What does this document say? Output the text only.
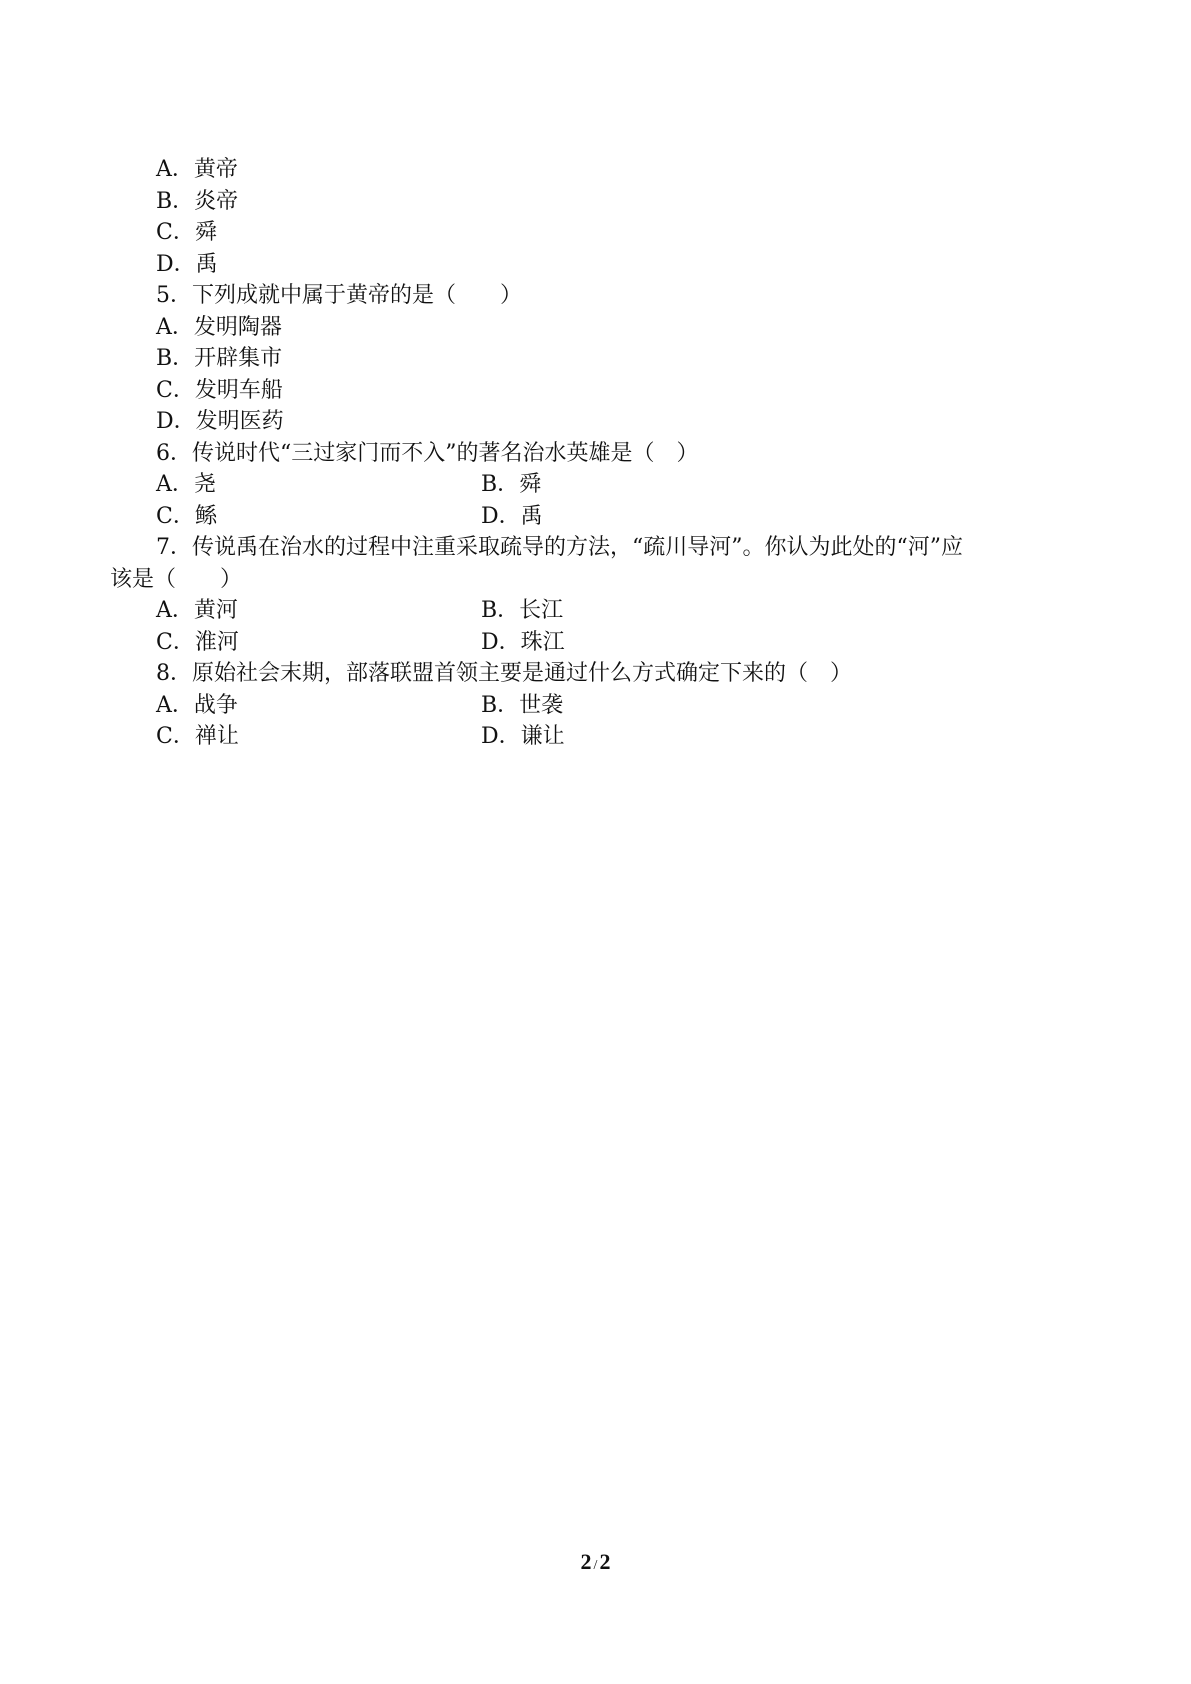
A．黄帝
B．炎帝
C．舜
D．禹
5．下列成就中属于黄帝的是（　　）
A．发明陶器
B．开辟集市
C．发明车船
D．发明医药
6．传说时代“三过家门而不入”的著名治水英雄是（　）
A．尧	B．舜
C．鲧	D．禹
7．传说禹在治水的过程中注重采取疏导的方法，“疏川导河”。你认为此处的“河”应
该是（　　）
A．黄河	B．长江
C．淮河	D．珠江
8．原始社会末期，部落联盟首领主要是通过什么方式确定下来的（　）
A．战争	B．世袭
C．禅让	D．谦让
2 /2
